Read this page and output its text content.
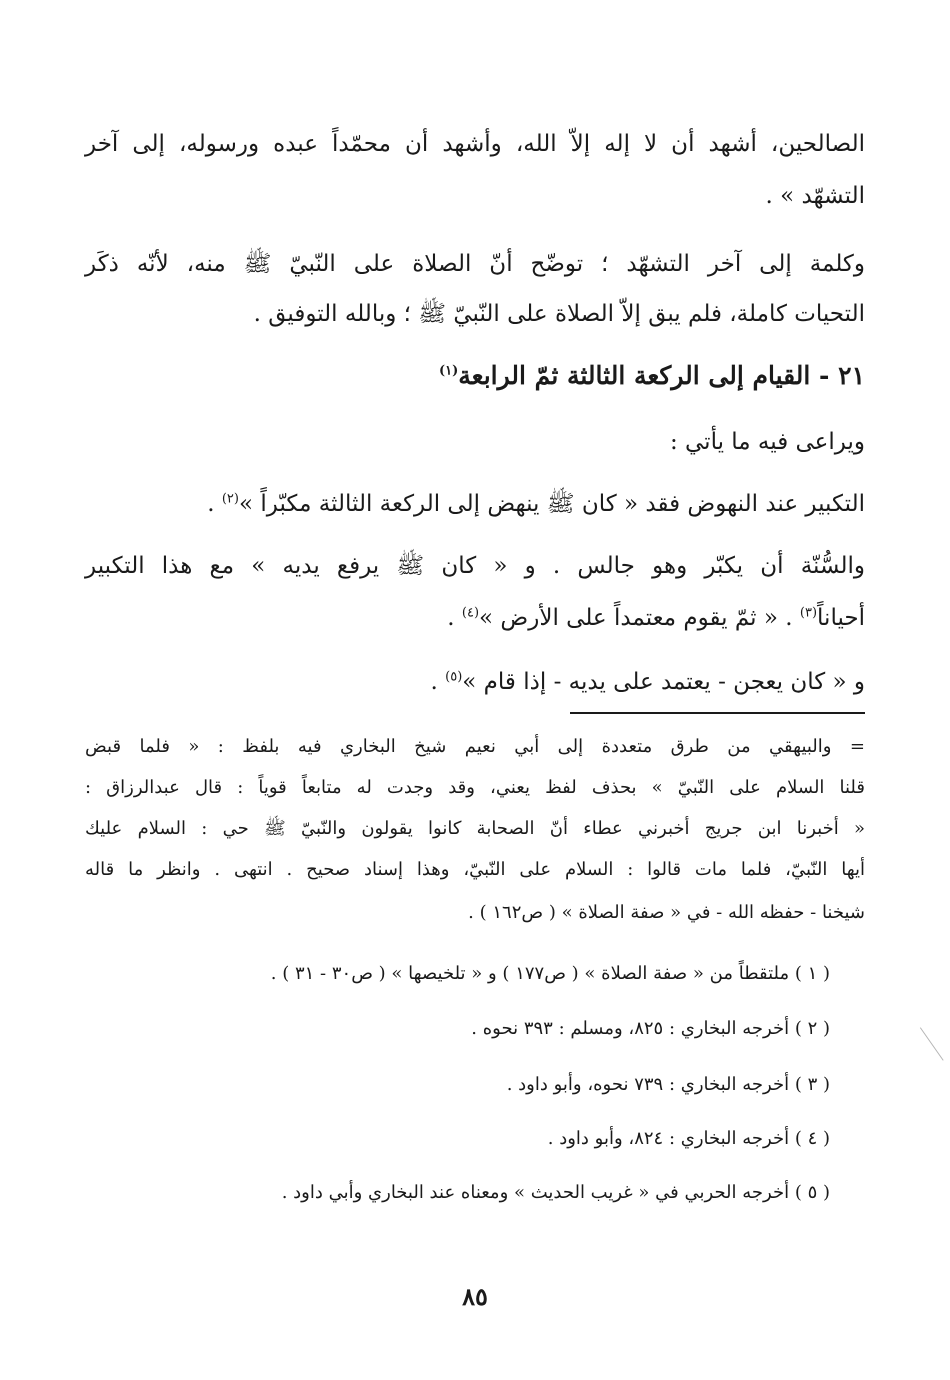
الصالحين، أشهد أن لا إله إلاّ الله، وأشهد أن محمّداً عبده ورسوله، إلى آخر
التشهّد » .
وكلمة إلى آخر التشهّد ؛ توضّح أنّ الصلاة على النّبيّ ﷺ منه، لأنّه ذكَر
التحيات كاملة، فلم يبق إلاّ الصلاة على النّبيّ ﷺ ؛ وبالله التوفيق .
٢١ - القيام إلى الركعة الثالثة ثمّ الرابعة$^{(١)}$
ويراعى فيه ما يأتي :
التكبير عند النهوض فقد « كان ﷺ ينهض إلى الركعة الثالثة مكبّراً »$^{(٢)}$ .
والسُّنّة أن يكبّر وهو جالس . و « كان ﷺ يرفع يديه » مع هذا التكبير
أحياناً$^{(٣)}$ . « ثمّ يقوم معتمداً على الأرض »$^{(٤)}$ .
و « كان يعجن - يعتمد على يديه - إذا قام »$^{(٥)}$ .
= والبيهقي من طرق متعددة إلى أبي نعيم شيخ البخاري فيه بلفظ : « فلما قبض
قلنا السلام على النّبيّ » بحذف لفظ يعني، وقد وجدت له متابعاً قوياً : قال عبدالرزاق :
« أخبرنا ابن جريج أخبرني عطاء أنّ الصحابة كانوا يقولون والنّبيّ ﷺ حي : السلام عليك
أيها النّبيّ، فلما مات قالوا : السلام على النّبيّ، وهذا إسناد صحيح . انتهى . وانظر ما قاله
شيخنا - حفظه الله - في « صفة الصلاة » ( ص١٦٢ ) .
( ١ ) ملتقطاً من « صفة الصلاة » ( ص١٧٧ ) و « تلخيصها » ( ص٣٠ - ٣١ ) .
( ٢ ) أخرجه البخاري : ٨٢٥، ومسلم : ٣٩٣ نحوه .
( ٣ ) أخرجه البخاري : ٧٣٩ نحوه، وأبو داود .
( ٤ ) أخرجه البخاري : ٨٢٤، وأبو داود .
( ٥ ) أخرجه الحربي في « غريب الحديث » ومعناه عند البخاري وأبي داود .
٨٥
